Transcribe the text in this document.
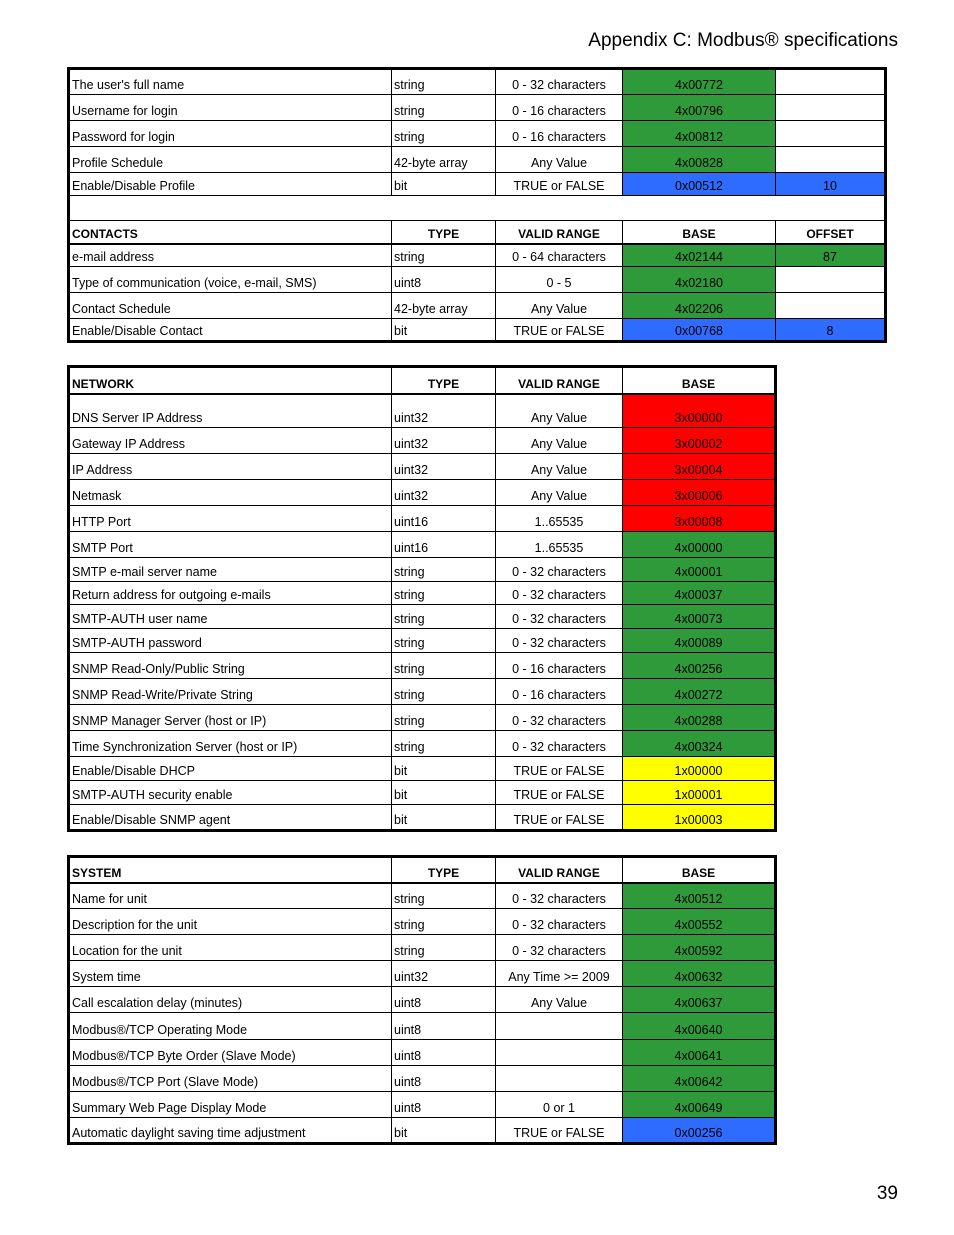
Appendix C: Modbus® specifications
The user's full name	string	0 - 32 characters	4x00772	
Username for login	string	0 - 16 characters	4x00796	
Password for login	string	0 - 16 characters	4x00812	
Profile Schedule	42-byte array	Any Value	4x00828	
Enable/Disable Profile	bit	TRUE or FALSE	0x00512	10

CONTACTS	TYPE	VALID RANGE	BASE	OFFSET
e-mail address	string	0 - 64 characters	4x02144	87
Type of communication (voice, e-mail, SMS)	uint8	0 - 5	4x02180	
Contact Schedule	42-byte array	Any Value	4x02206	
Enable/Disable Contact	bit	TRUE or FALSE	0x00768	8
NETWORK	TYPE	VALID RANGE	BASE
DNS Server IP Address	uint32	Any Value	3x00000
Gateway IP Address	uint32	Any Value	3x00002
IP Address	uint32	Any Value	3x00004
Netmask	uint32	Any Value	3x00006
HTTP Port	uint16	1..65535	3x00008
SMTP Port	uint16	1..65535	4x00000
SMTP e-mail server name	string	0 - 32 characters	4x00001
Return address for outgoing e-mails	string	0 - 32 characters	4x00037
SMTP-AUTH user name	string	0 - 32 characters	4x00073
SMTP-AUTH password	string	0 - 32 characters	4x00089
SNMP Read-Only/Public String	string	0 - 16 characters	4x00256
SNMP Read-Write/Private String	string	0 - 16 characters	4x00272
SNMP Manager Server (host or IP)	string	0 - 32 characters	4x00288
Time Synchronization Server (host or IP)	string	0 - 32 characters	4x00324
Enable/Disable DHCP	bit	TRUE or FALSE	1x00000
SMTP-AUTH security enable	bit	TRUE or FALSE	1x00001
Enable/Disable SNMP agent	bit	TRUE or FALSE	1x00003
SYSTEM	TYPE	VALID RANGE	BASE
Name for unit	string	0 - 32 characters	4x00512
Description for the unit	string	0 - 32 characters	4x00552
Location for the unit	string	0 - 32 characters	4x00592
System time	uint32	Any Time >= 2009	4x00632
Call escalation delay (minutes)	uint8	Any Value	4x00637
Modbus®/TCP Operating Mode	uint8		4x00640
Modbus®/TCP Byte Order (Slave Mode)	uint8		4x00641
Modbus®/TCP Port (Slave Mode)	uint8		4x00642
Summary Web Page Display Mode	uint8	0 or 1	4x00649
Automatic daylight saving time adjustment	bit	TRUE or FALSE	0x00256
39
